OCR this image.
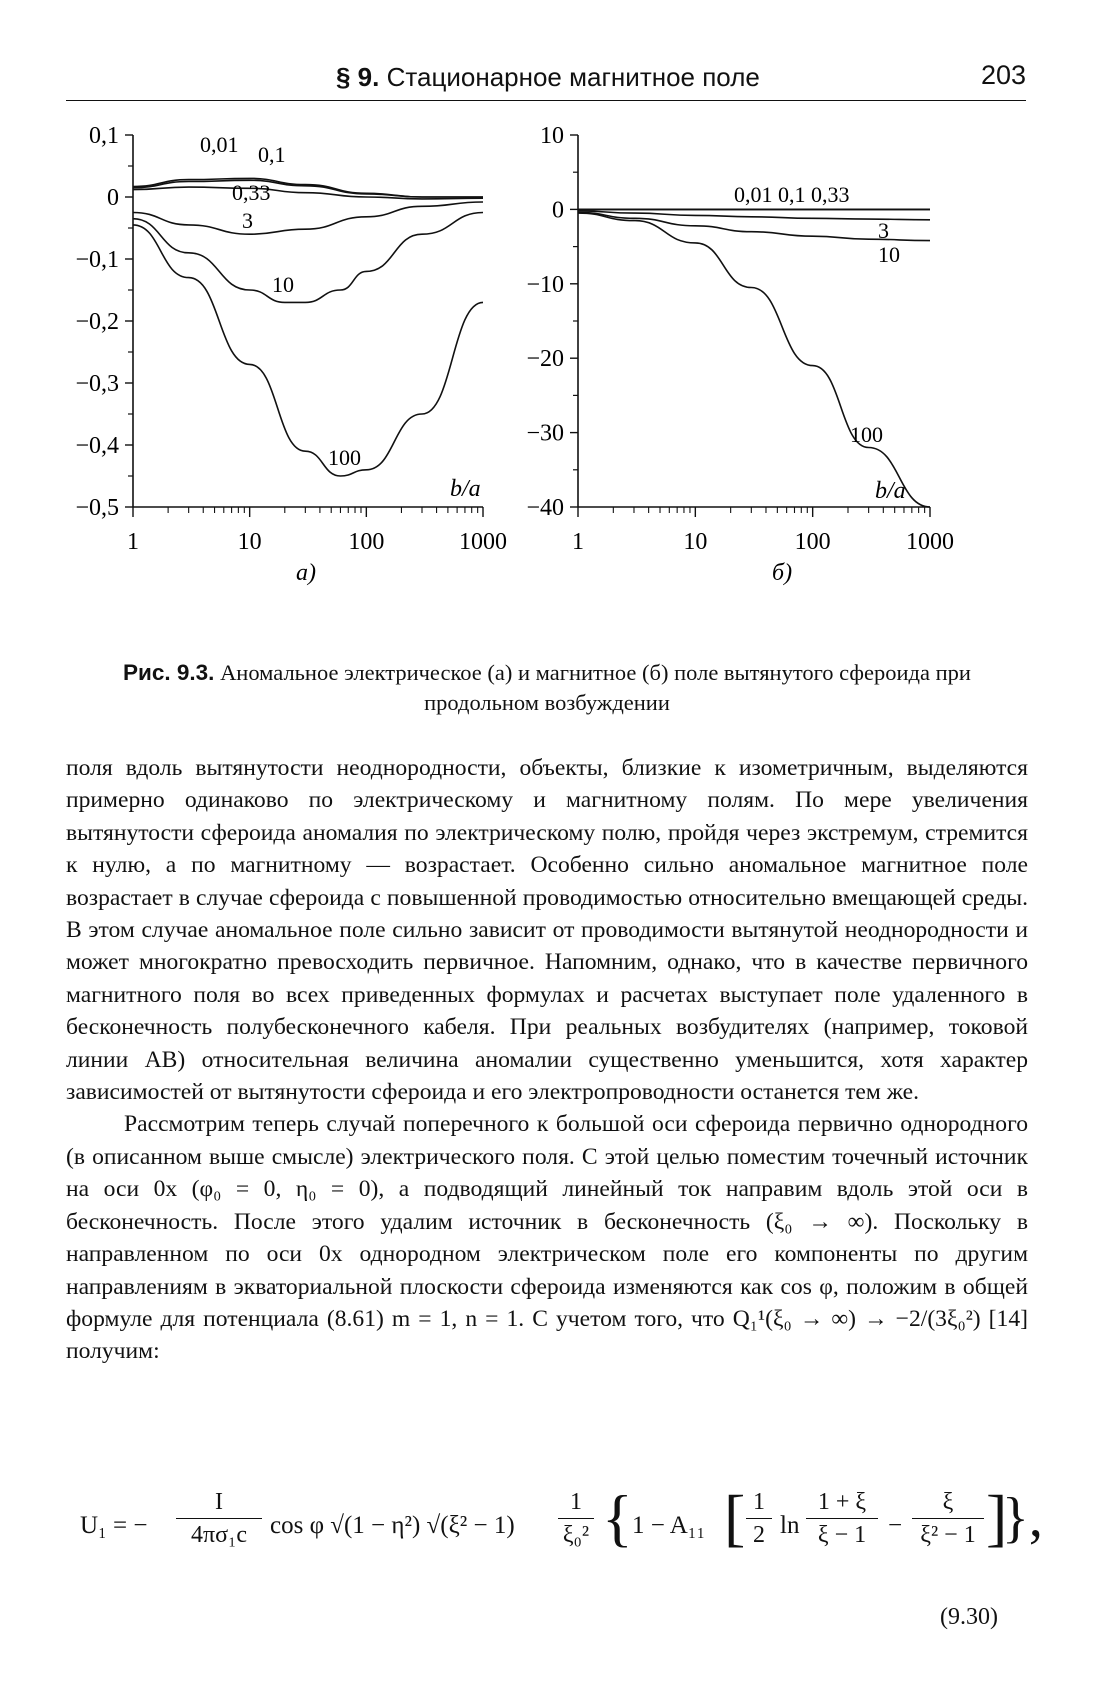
§ 9. Стационарное магнитное поле	203
0,1
0
−0,1
−0,2
−0,3
−0,4
−0,5
1	10	100	1000
0,01 0,1
0,33
3
10
100
b/a
а)
10
0
−10
−20
−30
−40
1	10	100	1000
0,01 0,1 0,33
3
10
100
b/a
б)
Рис. 9.3. Аномальное электрическое (а) и магнитное (б) поле вытянутого сфероида при продольном возбуждении

поля вдоль вытянутости неоднородности, объекты, близкие к изометричным, выделяются примерно одинаково по электрическому и магнитному полям. По мере увеличения вытянутости сфероида аномалия по электрическому полю, пройдя через экстремум, стремится к нулю, а по магнитному — возрастает. Особенно сильно аномальное магнитное поле возрастает в случае сфероида с повышенной проводимостью относительно вмещающей среды. В этом случае аномальное поле сильно зависит от проводимости вытянутой неоднородности и может многократно превосходить первичное. Напомним, однако, что в качестве первичного магнитного поля во всех приведенных формулах и расчетах выступает поле удаленного в бесконечность полубесконечного кабеля. При реальных возбудителях (например, токовой линии AB) относительная величина аномалии существенно уменьшится, хотя характер зависимостей от вытянутости сфероида и его электропроводности останется тем же.

Рассмотрим теперь случай поперечного к большой оси сфероида первично однородного (в описанном выше смысле) электрического поля. С этой целью поместим точечный источник на оси 0x (φ₀ = 0, η₀ = 0), а подводящий линейный ток направим вдоль этой оси в бесконечность. После этого удалим источник в бесконечность (ξ₀ → ∞). Поскольку в направленном по оси 0x однородном электрическом поле его компоненты по другим направлениям в экваториальной плоскости сфероида изменяются как cos φ, положим в общей формуле для потенциала (8.61) m = 1, n = 1. С учетом того, что Q₁¹(ξ₀ → ∞) → −2/(3ξ₀²) [14] получим:

U₁ = − $\frac{I}{\text{4πσ₁c}}$ cos φ √(1 − η²) $√(\xi^2 - 1) \frac{1}{\text{ξ₀²}}$ { 1 − A₁₁ [ $\frac{1}{2}$ $\ln \frac{1 + \xi}{\xi - 1} - \frac{\xi}{\text{ξ² − 1}}$ ]
},
(9.30)
